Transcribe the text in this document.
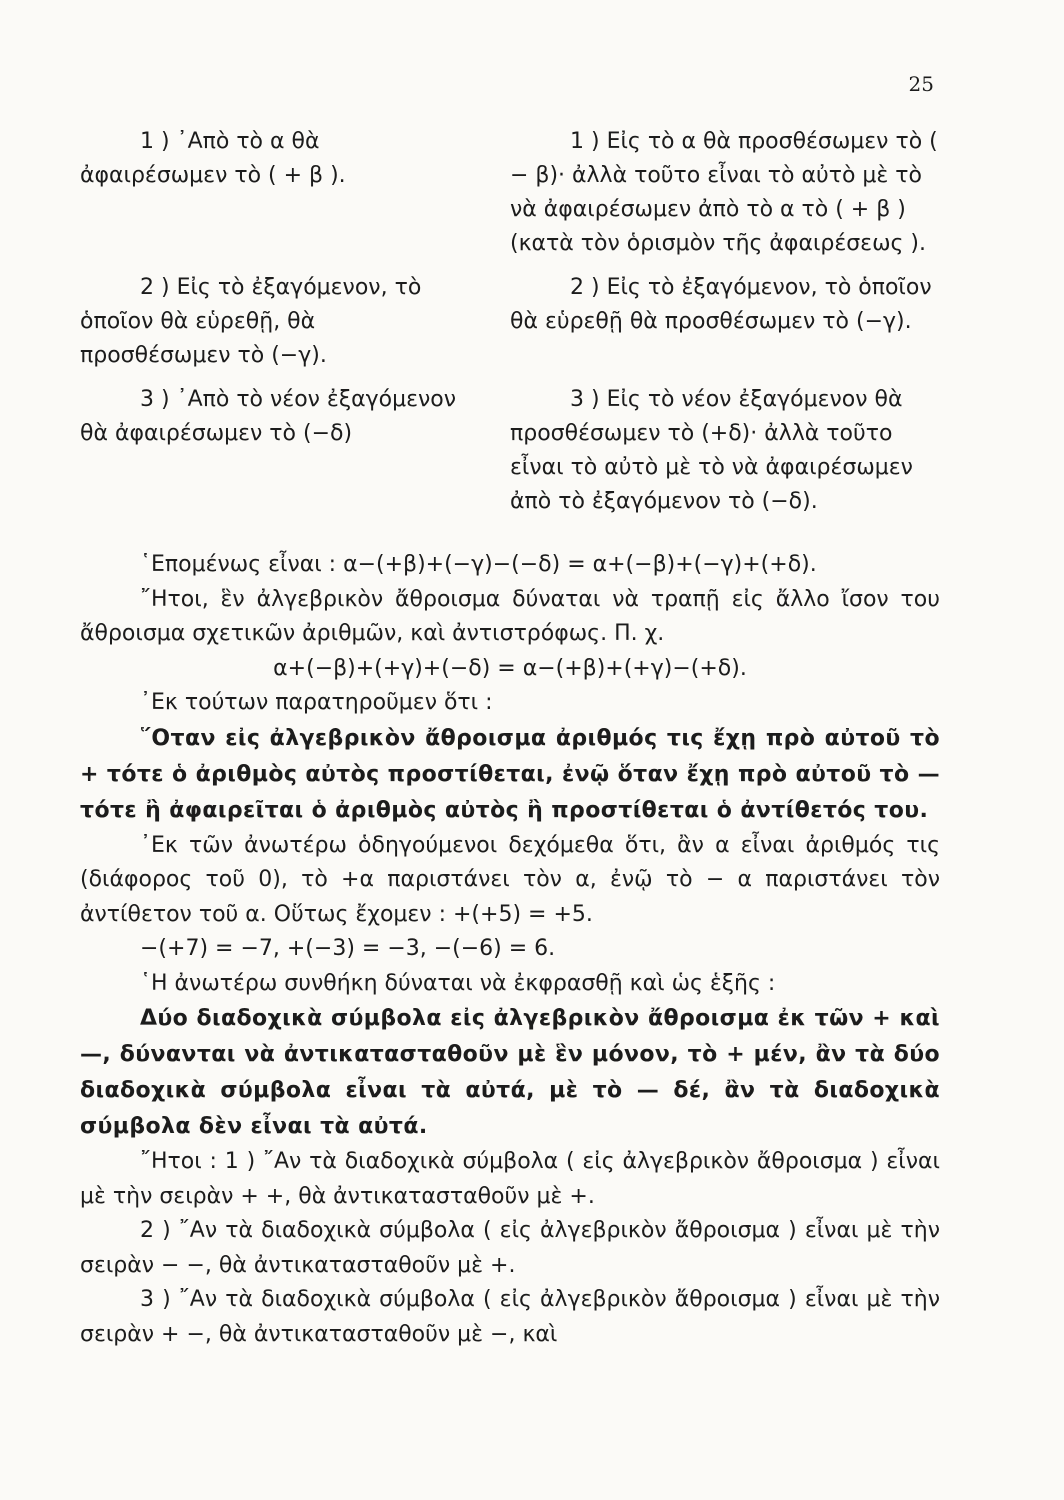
25

1 ) ᾿Απὸ τὸ α θὰ ἀφαιρέσωμεν τὸ ( + β ).

1 ) Εἰς τὸ α θὰ προσθέσωμεν τὸ ( − β)· ἀλλὰ τοῦτο εἶναι τὸ αὐτὸ μὲ τὸ νὰ ἀφαιρέσωμεν ἀπὸ τὸ α τὸ ( + β ) (κατὰ τὸν ὁρισμὸν τῆς ἀφαιρέσεως ).

2 ) Εἰς τὸ ἐξαγόμενον, τὸ ὁποῖον θὰ εὑρεθῇ, θὰ προσθέσωμεν τὸ (−γ).

2 ) Εἰς τὸ ἐξαγόμενον, τὸ ὁποῖον θὰ εὑρεθῇ θὰ προσθέσωμεν τὸ (−γ).

3 ) ᾿Απὸ τὸ νέον ἐξαγόμενον θὰ ἀφαιρέσωμεν τὸ (−δ)

3 ) Εἰς τὸ νέον ἐξαγόμενον θὰ προσθέσωμεν τὸ (+δ)· ἀλλὰ τοῦτο εἶναι τὸ αὐτὸ μὲ τὸ νὰ ἀφαιρέσωμεν ἀπὸ τὸ ἐξαγόμενον τὸ (−δ).

῾Επομένως εἶναι : α−(+β)+(−γ)−(−δ) = α+(−β)+(−γ)+(+δ).

῎Ητοι, ἓν ἀλγεβρικὸν ἄθροισμα δύναται νὰ τραπῇ εἰς ἄλλο ἴσον του ἄθροισμα σχετικῶν ἀριθμῶν, καὶ ἀντιστρόφως. Π. χ.

α+(−β)+(+γ)+(−δ) = α−(+β)+(+γ)−(+δ).

᾿Εκ τούτων παρατηροῦμεν ὅτι :

῞Οταν εἰς ἀλγεβρικὸν ἄθροισμα ἀριθμός τις ἔχῃ πρὸ αὐτοῦ τὸ + τότε ὁ ἀριθμὸς αὐτὸς προστίθεται, ἐνῷ ὅταν ἔχῃ πρὸ αὐτοῦ τὸ — τότε ἢ ἀφαιρεῖται ὁ ἀριθμὸς αὐτὸς ἢ προστίθεται ὁ ἀντίθετός του.

᾿Εκ τῶν ἀνωτέρω ὁδηγούμενοι δεχόμεθα ὅτι, ἂν α εἶναι ἀριθμός τις (διάφορος τοῦ 0), τὸ +α παριστάνει τὸν α, ἐνῷ τὸ − α παριστάνει τὸν ἀντίθετον τοῦ α. Οὕτως ἔχομεν : +(+5) = +5.

−(+7) = −7, +(−3) = −3, −(−6) = 6.

῾Η ἀνωτέρω συνθήκη δύναται νὰ ἐκφρασθῇ καὶ ὡς ἑξῆς :

Δύο διαδοχικὰ σύμβολα εἰς ἀλγεβρικὸν ἄθροισμα ἐκ τῶν + καὶ —, δύνανται νὰ ἀντικατασταθοῦν μὲ ἓν μόνον, τὸ + μέν, ἂν τὰ δύο διαδοχικὰ σύμβολα εἶναι τὰ αὐτά, μὲ τὸ — δέ, ἂν τὰ διαδοχικὰ σύμβολα δὲν εἶναι τὰ αὐτά.

῎Ητοι : 1 ) ῎Αν τὰ διαδοχικὰ σύμβολα ( εἰς ἀλγεβρικὸν ἄθροισμα ) εἶναι μὲ τὴν σειρὰν + +, θὰ ἀντικατασταθοῦν μὲ +.

2 ) ῎Αν τὰ διαδοχικὰ σύμβολα ( εἰς ἀλγεβρικὸν ἄθροισμα ) εἶναι μὲ τὴν σειρὰν − −, θὰ ἀντικατασταθοῦν μὲ +.

3 ) ῎Αν τὰ διαδοχικὰ σύμβολα ( εἰς ἀλγεβρικὸν ἄθροισμα ) εἶναι μὲ τὴν σειρὰν + −, θὰ ἀντικατασταθοῦν μὲ −, καὶ
